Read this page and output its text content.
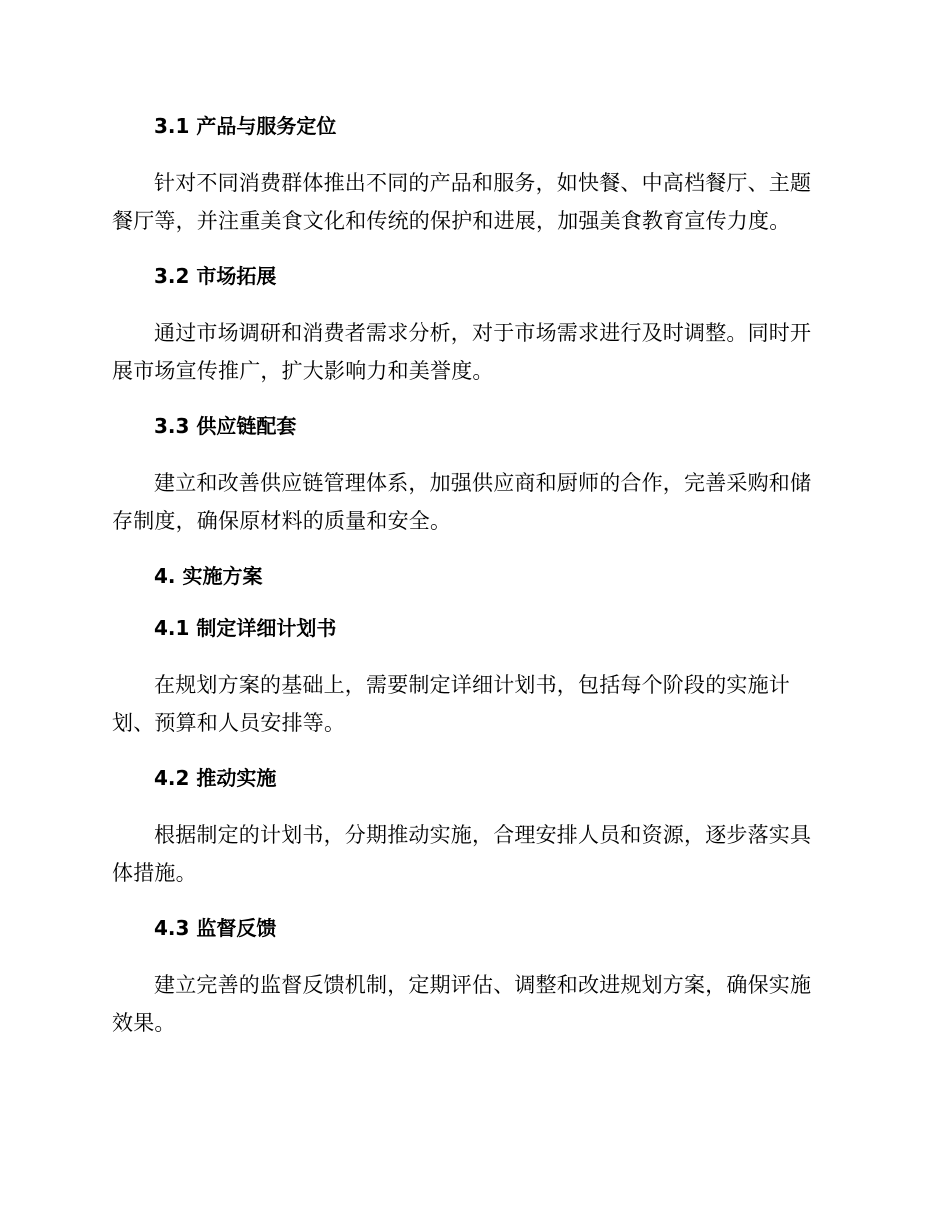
3.1 产品与服务定位

针对不同消费群体推出不同的产品和服务，如快餐、中高档餐厅、主题餐厅等，并注重美食文化和传统的保护和进展，加强美食教育宣传力度。

3.2 市场拓展

通过市场调研和消费者需求分析，对于市场需求进行及时调整。同时开展市场宣传推广，扩大影响力和美誉度。

3.3 供应链配套

建立和改善供应链管理体系，加强供应商和厨师的合作，完善采购和储存制度，确保原材料的质量和安全。

4. 实施方案
4.1 制定详细计划书

在规划方案的基础上，需要制定详细计划书，包括每个阶段的实施计划、预算和人员安排等。

4.2 推动实施

根据制定的计划书，分期推动实施，合理安排人员和资源，逐步落实具体措施。

4.3 监督反馈

建立完善的监督反馈机制，定期评估、调整和改进规划方案，确保实施效果。
